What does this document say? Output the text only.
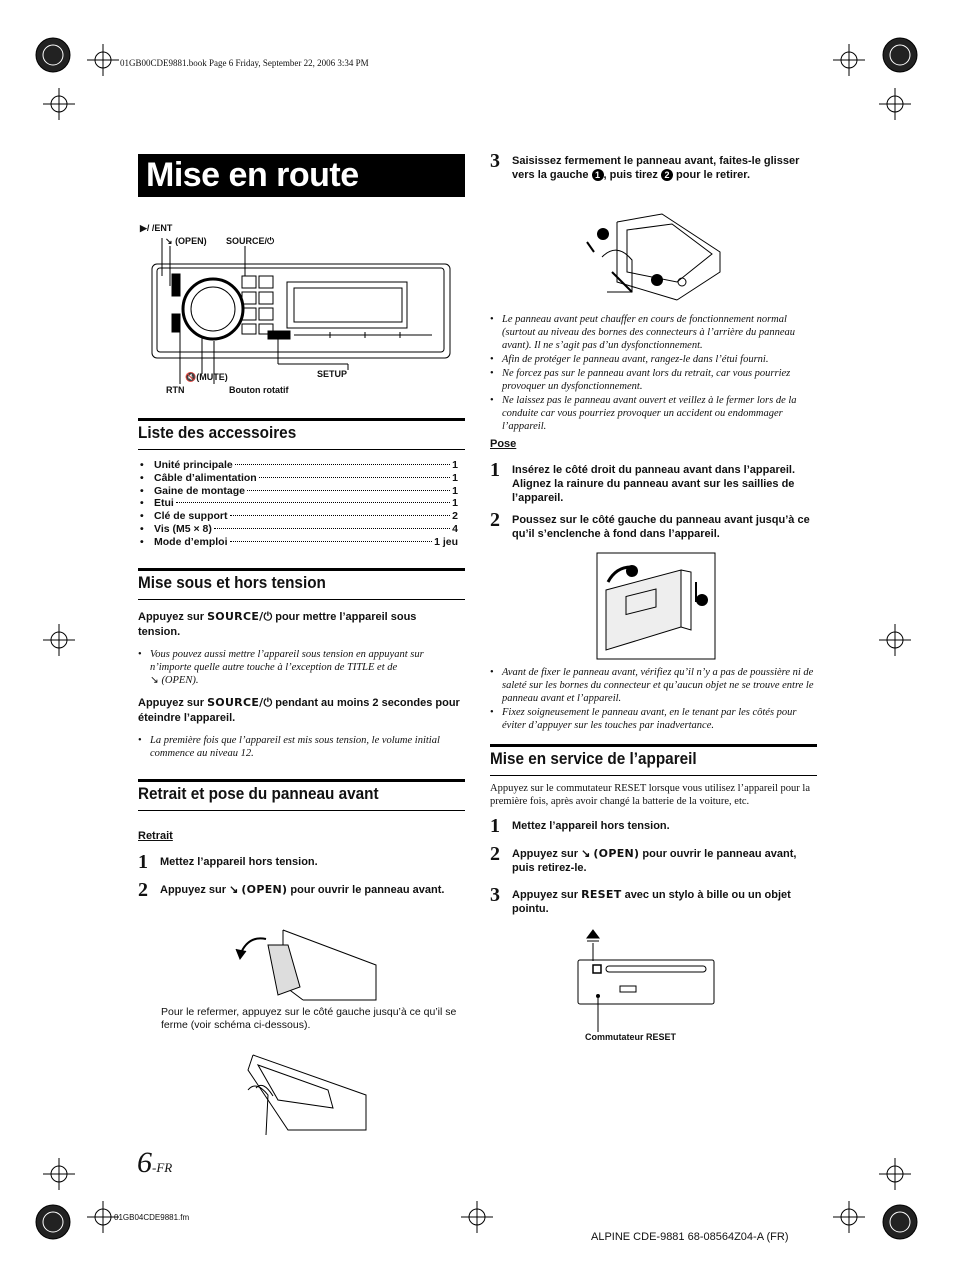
01GB00CDE9881.book Page 6 Friday, September 22, 2006 3:34 PM
Mise en route
▶/ /ENT
↘ (OPEN) SOURCE/⏻
SETUP
🔇(MUTE)
RTN	Bouton rotatif
Liste des accessoires
• Unité principale	1
• Câble d’alimentation	1
• Gaine de montage	1
• Etui	1
• Clé de support	2
• Vis (M5 × 8)	4
• Mode d’emploi	1 jeu
Mise sous et hors tension
Appuyez sur SOURCE/⏻ pour mettre l’appareil sous tension.
• Vous pouvez aussi mettre l’appareil sous tension en appuyant sur n’importe quelle autre touche à l’exception de TITLE et de
↘ (OPEN).
Appuyez sur SOURCE/⏻ pendant au moins 2 secondes pour éteindre l’appareil.
• La première fois que l’appareil est mis sous tension, le volume initial commence au niveau 12.
Retrait et pose du panneau avant
Retrait
1	Mettez l’appareil hors tension.
2	Appuyez sur ↘ (OPEN) pour ouvrir le panneau avant.
Pour le refermer, appuyez sur le côté gauche jusqu’à ce qu’il se ferme (voir schéma ci-dessous).
3	Saisissez fermement le panneau avant, faites-le glisser vers la gauche 1 , puis tirez 2 pour le retirer.
• Le panneau avant peut chauffer en cours de fonctionnement normal (surtout au niveau des bornes des connecteurs à l’arrière du panneau avant). Il ne s’agit pas d’un dysfonctionnement.
• Afin de protéger le panneau avant, rangez-le dans l’étui fourni.
• Ne forcez pas sur le panneau avant lors du retrait, car vous pourriez provoquer un dysfonctionnement.
• Ne laissez pas le panneau avant ouvert et veillez à le fermer lors de la conduite car vous pourriez provoquer un accident ou endommager l’appareil.
Pose
1	Insérez le côté droit du panneau avant dans l’appareil. Alignez la rainure du panneau avant sur les saillies de l’appareil.
2	Poussez sur le côté gauche du panneau avant jusqu’à ce qu’il s’enclenche à fond dans l’appareil.
• Avant de fixer le panneau avant, vérifiez qu’il n’y a pas de poussière ni de saleté sur les bornes du connecteur et qu’aucun objet ne se trouve entre le panneau avant et l’appareil.
• Fixez soigneusement le panneau avant, en le tenant par les côtés pour éviter d’appuyer sur les touches par inadvertance.
Mise en service de l’appareil
Appuyez sur le commutateur RESET lorsque vous utilisez l’appareil pour la première fois, après avoir changé la batterie de la voiture, etc.
1	Mettez l’appareil hors tension.
2	Appuyez sur ↘ (OPEN) pour ouvrir le panneau avant, puis retirez-le.
3	Appuyez sur RESET avec un stylo à bille ou un objet pointu.
Commutateur RESET
6-FR
01GB04CDE9881.fm
ALPINE CDE-9881 68-08564Z04-A (FR)
